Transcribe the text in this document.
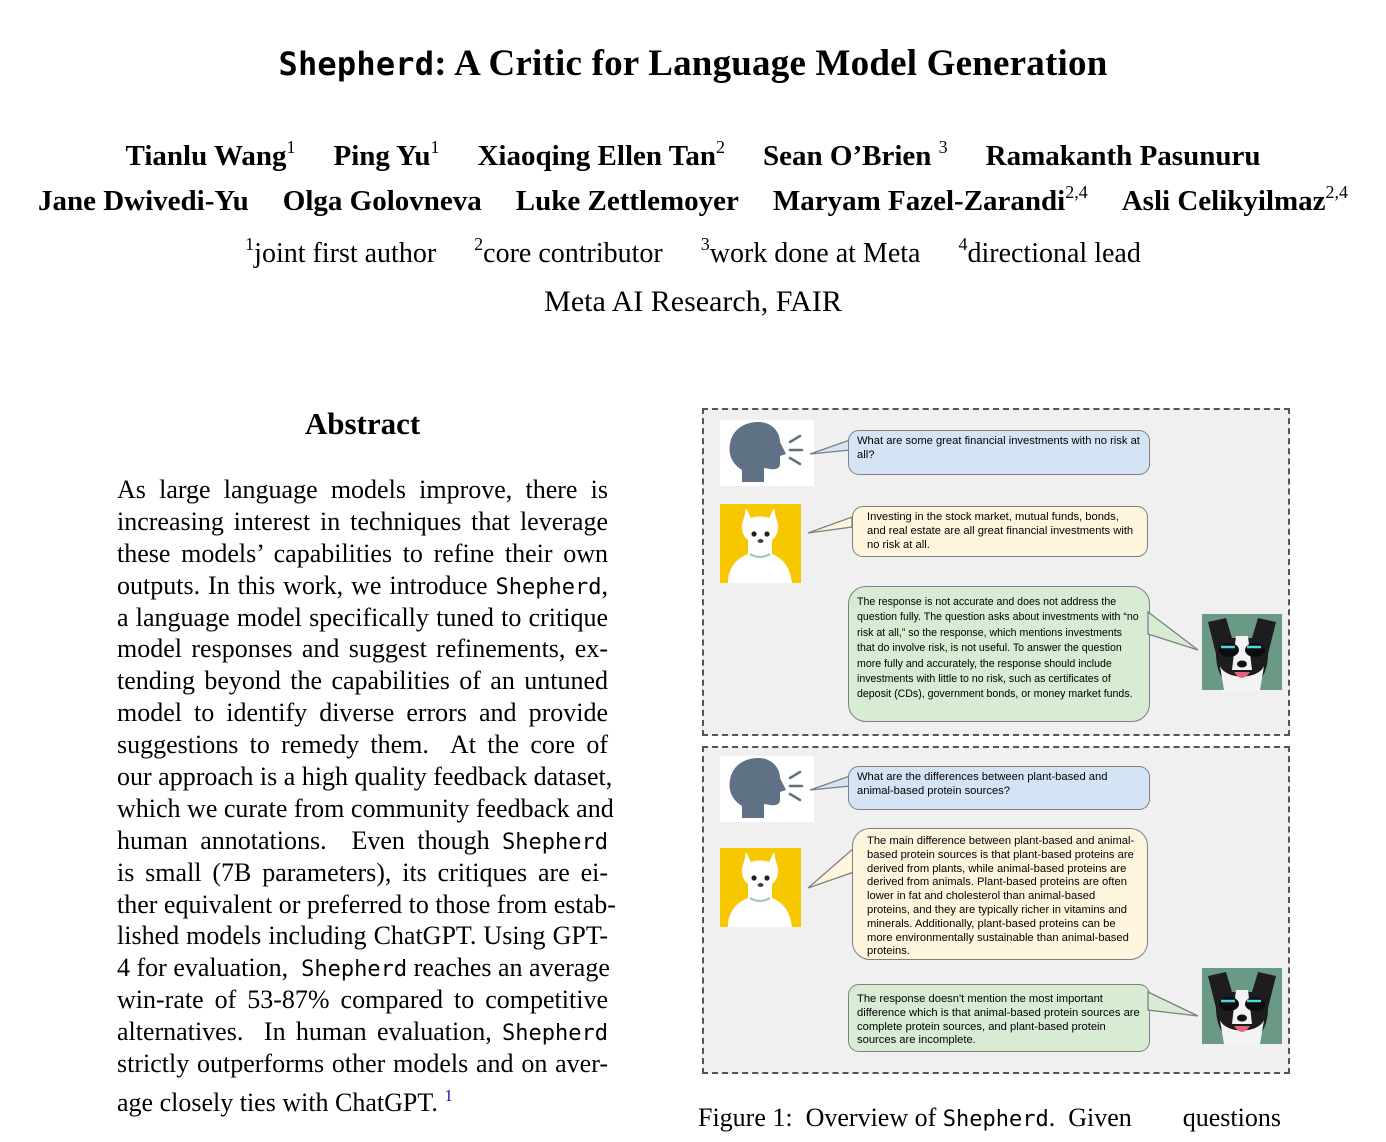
Shepherd: A Critic for Language Model Generation
Tianlu Wang$^1$ Ping Yu$^1$ Xiaoqing Ellen Tan$^2$ Sean O’Brien $^3$ Ramakanth Pasunuru
Jane Dwivedi-Yu Olga Golovneva Luke Zettlemoyer Maryam Fazel-Zarandi$^{2,4}$ Asli Celikyilmaz$^{2,4}$
$^1$joint first author $^2$core contributor $^3$work done at Meta $^4$directional lead
Meta AI Research, FAIR
Abstract
As large language models improve, there is
increasing interest in techniques that leverage
these models’ capabilities to refine their own
outputs. In this work, we introduce Shepherd,
a language model specifically tuned to critique
model responses and suggest refinements, ex-
tending beyond the capabilities of an untuned
model to identify diverse errors and provide
suggestions to remedy them.  At the core of
our approach is a high quality feedback dataset,
which we curate from community feedback and
human annotations.  Even though Shepherd
is small (7B parameters), its critiques are ei-
ther equivalent or preferred to those from estab-
lished models including ChatGPT. Using GPT-
4 for evaluation,  Shepherd reaches an average
win-rate of 53-87% compared to competitive
alternatives.  In human evaluation, Shepherd
strictly outperforms other models and on aver-
age closely ties with ChatGPT. $^1$
What are some great financial investments with no risk at all?
Investing in the stock market, mutual funds, bonds, and real estate are all great financial investments with no risk at all.
The response is not accurate and does not address the question fully. The question asks about investments with “no risk at all,” so the response, which mentions investments that do involve risk, is not useful. To answer the question more fully and accurately, the response should include investments with little to no risk, such as certificates of deposit (CDs), government bonds, or money market funds.
What are the differences between plant-based and animal-based protein sources?
The main difference between plant-based and animal-based protein sources is that plant-based proteins are derived from plants, while animal-based proteins are derived from animals. Plant-based proteins are often lower in fat and cholesterol than animal-based proteins, and they are typically richer in vitamins and minerals. Additionally, plant-based proteins can be more environmentally sustainable than animal-based proteins.
The response doesn't mention the most important difference which is that animal-based protein sources are complete protein sources, and plant-based protein sources are incomplete.
Figure 1:  Overview of Shepherd.  Given questions
